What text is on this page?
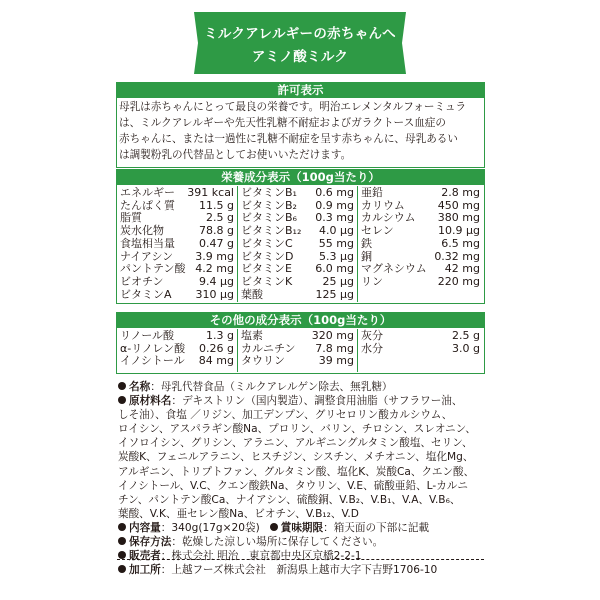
ミルクアレルギーの赤ちゃんへ
アミノ酸ミルク
許可表示
母乳は赤ちゃんにとって最良の栄養です。明治エレメンタルフォーミュラ
は、ミルクアレルギーや先天性乳糖不耐症およびガラクトース血症の
赤ちゃんに、または一過性に乳糖不耐症を呈す赤ちゃんに、母乳あるい
は調製粉乳の代替品としてお使いいただけます。
栄養成分表示（100g当たり）
エネルギー	391 kcal
たんぱく質	11.5 g
脂質	2.5 g
炭水化物	78.8 g
食塩相当量	0.47 g
ナイアシン	3.9 mg
パントテン酸 4.2 mg
ビオチン	9.4 μg
ビタミンA	310 μg
ビタミンB₁	0.6 mg
ビタミンB₂	0.9 mg
ビタミンB₆	0.3 mg
ビタミンB₁₂	4.0 μg
ビタミンC	55 mg
ビタミンD	5.3 μg
ビタミンE	6.0 mg
ビタミンK	25 μg
葉酸	125 μg
亜鉛	2.8 mg
カリウム	450 mg
カルシウム	380 mg
セレン	10.9 μg
鉄	6.5 mg
銅	0.32 mg
マグネシウム	42 mg
リン	220 mg
その他の成分表示（100g当たり）
リノール酸	1.3 g
α-リノレン酸	0.26 g
イノシトール	84 mg
塩素	320 mg
カルニチン	7.8 mg
タウリン	39 mg
灰分	2.5 g
水分	3.0 g
名称：母乳代替食品（ミルクアレルゲン除去、無乳糖）
原材料名：デキストリン（国内製造）、調整食用油脂（サフラワー油、
しそ油）、食塩 ／リジン、加工デンプン、グリセロリン酸カルシウム、
ロイシン、アスパラギン酸Na、プロリン、バリン、チロシン、スレオニン、
イソロイシン、グリシン、アラニン、アルギニングルタミン酸塩、セリン、
炭酸K、フェニルアラニン、ヒスチジン、シスチン、メチオニン、塩化Mg、
アルギニン、トリプトファン、グルタミン酸、塩化K、炭酸Ca、クエン酸、
イノシトール、V.C、クエン酸鉄Na、タウリン、V.E、硫酸亜鉛、L-カルニ
チン、パントテン酸Ca、ナイアシン、硫酸銅、V.B₂、V.B₁、V.A、V.B₆、
葉酸、V.K、亜セレン酸Na、ビオチン、V.B₁₂、V.D
内容量：340g(17g×20袋) 賞味期限：箱天面の下部に記載
保存方法：乾燥した涼しい場所に保存してください。
販売者：株式会社 明治　東京都中央区京橋2-2-1
加工所：上越フーズ株式会社　新潟県上越市大字下吉野1706-10
